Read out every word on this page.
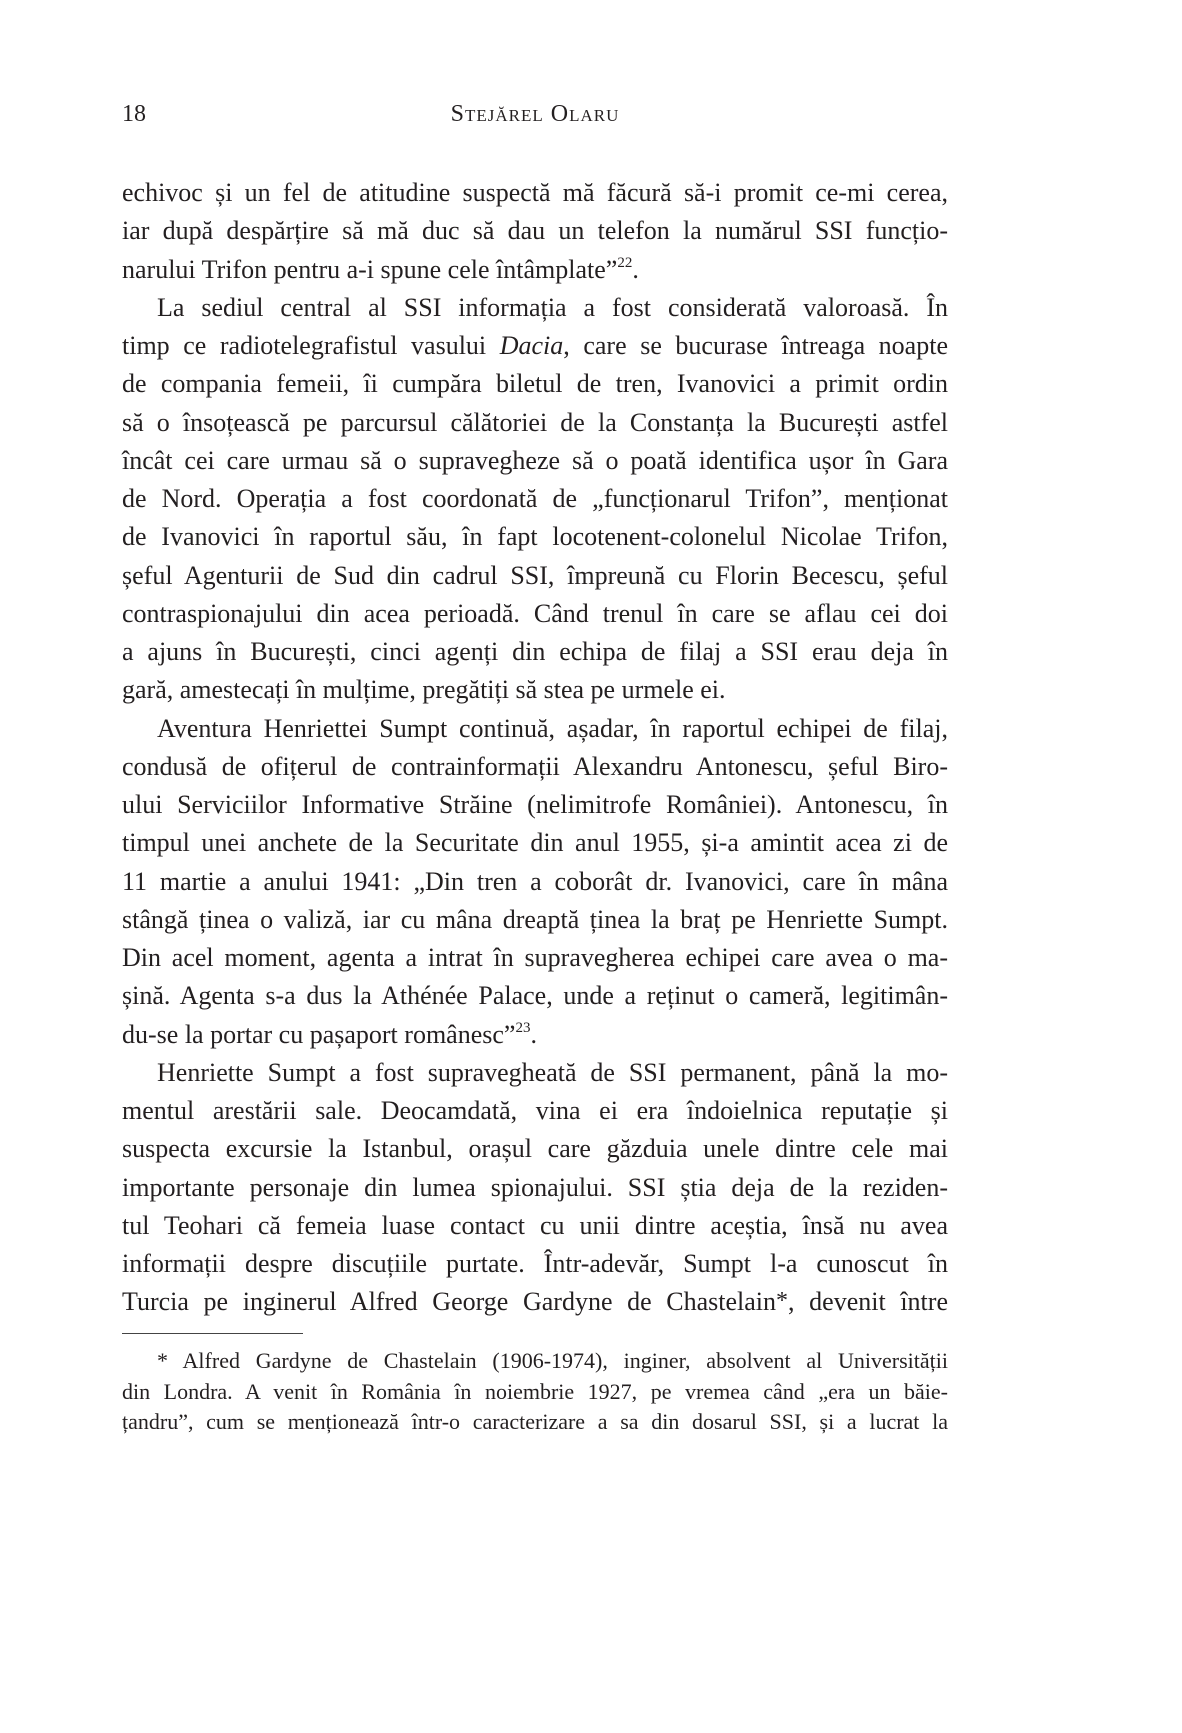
18	Stejărel Olaru
echivoc și un fel de atitudine suspectă mă făcură să-i promit ce-mi cerea,
iar după despărțire să mă duc să dau un telefon la numărul SSI funcțio-
narului Trifon pentru a-i spune cele întâmplate”$^{22}$.
La sediul central al SSI informația a fost considerată valoroasă. În
timp ce radiotelegrafistul vasului Dacia, care se bucurase întreaga noapte
de compania femeii, îi cumpăra biletul de tren, Ivanovici a primit ordin
să o însoțească pe parcursul călătoriei de la Constanța la București astfel
încât cei care urmau să o supravegheze să o poată identifica ușor în Gara
de Nord. Operația a fost coordonată de „funcționarul Trifon”, menționat
de Ivanovici în raportul său, în fapt locotenent-colonelul Nicolae Trifon,
șeful Agenturii de Sud din cadrul SSI, împreună cu Florin Becescu, șeful
contraspionajului din acea perioadă. Când trenul în care se aflau cei doi
a ajuns în București, cinci agenți din echipa de filaj a SSI erau deja în
gară, amestecați în mulțime, pregătiți să stea pe urmele ei.
Aventura Henriettei Sumpt continuă, așadar, în raportul echipei de filaj,
condusă de ofițerul de contrainformații Alexandru Antonescu, șeful Biro-
ului Serviciilor Informative Străine (nelimitrofe României). Antonescu, în
timpul unei anchete de la Securitate din anul 1955, și-a amintit acea zi de
11 martie a anului 1941: „Din tren a coborât dr. Ivanovici, care în mâna
stângă ținea o valiză, iar cu mâna dreaptă ținea la braț pe Henriette Sumpt.
Din acel moment, agenta a intrat în supravegherea echipei care avea o ma-
șină. Agenta s-a dus la Athénée Palace, unde a reținut o cameră, legitimân-
du-se la portar cu pașaport românesc”$^{23}$.
Henriette Sumpt a fost supravegheată de SSI permanent, până la mo-
mentul arestării sale. Deocamdată, vina ei era îndoielnica reputație și
suspecta excursie la Istanbul, orașul care găzduia unele dintre cele mai
importante personaje din lumea spionajului. SSI știa deja de la reziden-
tul Teohari că femeia luase contact cu unii dintre aceștia, însă nu avea
informații despre discuțiile purtate. Într-adevăr, Sumpt l-a cunoscut în
Turcia pe inginerul Alfred George Gardyne de Chastelain*, devenit între
* Alfred Gardyne de Chastelain (1906-1974), inginer, absolvent al Universității
din Londra. A venit în România în noiembrie 1927, pe vremea când „era un băie-
țandru”, cum se menționează într-o caracterizare a sa din dosarul SSI, și a lucrat la
